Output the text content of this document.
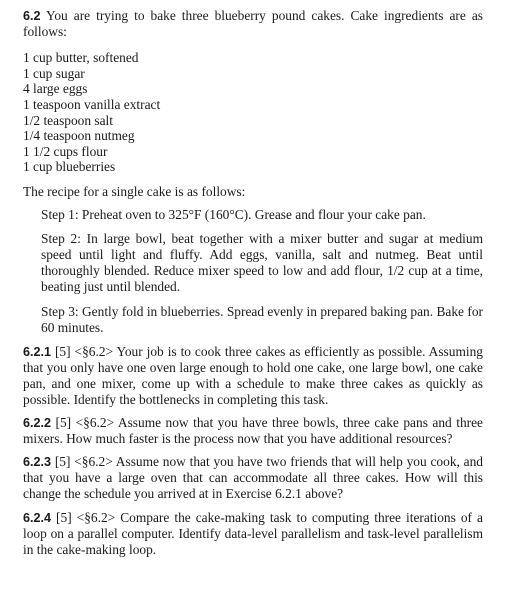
6.2 You are trying to bake three blueberry pound cakes. Cake ingredients are as follows:

1 cup butter, softened
1 cup sugar
4 large eggs
1 teaspoon vanilla extract
1/2 teaspoon salt
1/4 teaspoon nutmeg
1 1/2 cups flour
1 cup blueberries

The recipe for a single cake is as follows:

Step 1: Preheat oven to 325°F (160°C). Grease and flour your cake pan.

Step 2: In large bowl, beat together with a mixer butter and sugar at medium speed until light and fluffy. Add eggs, vanilla, salt and nutmeg. Beat until thoroughly blended. Reduce mixer speed to low and add flour, 1/2 cup at a time, beating just until blended.

Step 3: Gently fold in blueberries. Spread evenly in prepared baking pan. Bake for 60 minutes.

6.2.1 [5] <§6.2> Your job is to cook three cakes as efficiently as possible. Assuming that you only have one oven large enough to hold one cake, one large bowl, one cake pan, and one mixer, come up with a schedule to make three cakes as quickly as possible. Identify the bottlenecks in completing this task.

6.2.2 [5] <§6.2> Assume now that you have three bowls, three cake pans and three mixers. How much faster is the process now that you have additional resources?

6.2.3 [5] <§6.2> Assume now that you have two friends that will help you cook, and that you have a large oven that can accommodate all three cakes. How will this change the schedule you arrived at in Exercise 6.2.1 above?

6.2.4 [5] <§6.2> Compare the cake-making task to computing three iterations of a loop on a parallel computer. Identify data-level parallelism and task-level parallelism in the cake-making loop.
